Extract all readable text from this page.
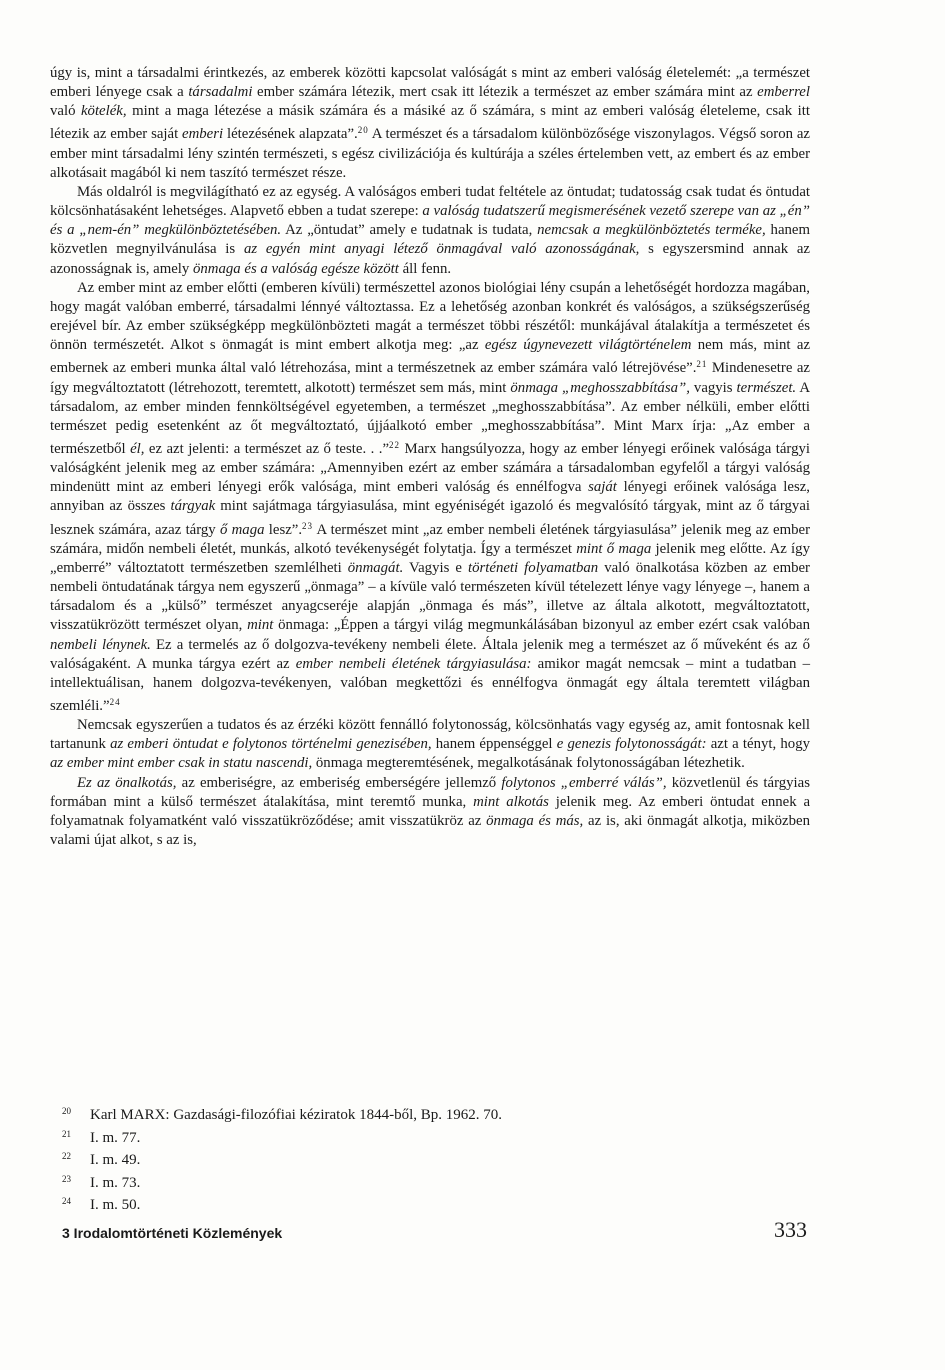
úgy is, mint a társadalmi érintkezés, az emberek közötti kapcsolat valóságát s mint az emberi valóság életelemét: „a természet emberi lényege csak a társadalmi ember számára létezik, mert csak itt létezik a természet az ember számára mint az emberrel való kötelék, mint a maga létezése a másik számára és a másiké az ő számára, s mint az emberi valóság életeleme, csak itt létezik az ember saját emberi létezésének alapzata”.$^{20}$ A természet és a társadalom különbözősége viszonylagos. Végső soron az ember mint társadalmi lény szintén természeti, s egész civilizációja és kultúrája a széles értelemben vett, az embert és az ember alkotásait magából ki nem taszító természet része.

Más oldalról is megvilágítható ez az egység. A valóságos emberi tudat feltétele az öntudat; tudatosság csak tudat és öntudat kölcsönhatásaként lehetséges. Alapvető ebben a tudat szerepe: a valóság tudatszerű megismerésének vezető szerepe van az „én” és a „nem-én” megkülönböztetésében. Az „öntudat” amely e tudatnak is tudata, nemcsak a megkülönböztetés terméke, hanem közvetlen megnyilvánulása is az egyén mint anyagi létező önmagával való azonosságának, s egyszersmind annak az azonosságnak is, amely önmaga és a valóság egésze között áll fenn.

Az ember mint az ember előtti (emberen kívüli) természettel azonos biológiai lény csupán a lehetőségét hordozza magában, hogy magát valóban emberré, társadalmi lénnyé változtassa. Ez a lehetőség azonban konkrét és valóságos, a szükségszerűség erejével bír. Az ember szükségképp megkülönbözteti magát a természet többi részétől: munkájával átalakítja a természetet és önnön természetét. Alkot s önmagát is mint embert alkotja meg: „az egész úgynevezett világtörténelem nem más, mint az embernek az emberi munka által való létrehozása, mint a természetnek az ember számára való létrejövése”.$^{21}$ Mindenesetre az így megváltoztatott (létrehozott, teremtett, alkotott) természet sem más, mint önmaga „meghosszabbítása”, vagyis természet. A társadalom, az ember minden fennköltségével egyetemben, a természet „meghosszabbítása”. Az ember nélküli, ember előtti természet pedig esetenként az őt megváltoztató, újjáalkotó ember „meghosszabbítása”. Mint Marx írja: „Az ember a természetből él, ez azt jelenti: a természet az ő teste. . .”$^{22}$ Marx hangsúlyozza, hogy az ember lényegi erőinek valósága tárgyi valóságként jelenik meg az ember számára: „Amennyiben ezért az ember számára a társadalomban egyfelől a tárgyi valóság mindenütt mint az emberi lényegi erők valósága, mint emberi valóság és ennélfogva saját lényegi erőinek valósága lesz, annyiban az összes tárgyak mint sajátmaga tárgyiasulása, mint egyéniségét igazoló és megvalósító tárgyak, mint az ő tárgyai lesznek számára, azaz tárgy ő maga lesz”.$^{23}$ A természet mint „az ember nembeli életének tárgyiasulása” jelenik meg az ember számára, midőn nembeli életét, munkás, alkotó tevékenységét folytatja. Így a természet mint ő maga jelenik meg előtte. Az így „emberré” változtatott természetben szemlélheti önmagát. Vagyis e történeti folyamatban való önalkotása közben az ember nembeli öntudatának tárgya nem egyszerű „önmaga” – a kívüle való természeten kívül tételezett lénye vagy lényege –, hanem a társadalom és a „külső” természet anyagcseréje alapján „önmaga és más”, illetve az általa alkotott, megváltoztatott, visszatükrözött természet olyan, mint önmaga: „Éppen a tárgyi világ megmunkálásában bizonyul az ember ezért csak valóban nembeli lénynek. Ez a termelés az ő dolgozva-tevékeny nembeli élete. Általa jelenik meg a természet az ő műveként és az ő valóságaként. A munka tárgya ezért az ember nembeli életének tárgyiasulása: amikor magát nemcsak – mint a tudatban – intellektuálisan, hanem dolgozva-tevékenyen, valóban megkettőzi és ennélfogva önmagát egy általa teremtett világban szemléli.”$^{24}$

Nemcsak egyszerűen a tudatos és az érzéki között fennálló folytonosság, kölcsönhatás vagy egység az, amit fontosnak kell tartanunk az emberi öntudat e folytonos történelmi genezisében, hanem éppenséggel e genezis folytonosságát: azt a tényt, hogy az ember mint ember csak in statu nascendi, önmaga megteremtésének, megalkotásának folytonosságában létezhetik.

Ez az önalkotás, az emberiségre, az emberiség emberségére jellemző folytonos „emberré válás”, közvetlenül és tárgyias formában mint a külső természet átalakítása, mint teremtő munka, mint alkotás jelenik meg. Az emberi öntudat ennek a folyamatnak folyamatként való visszatükröződése; amit visszatükröz az önmaga és más, az is, aki önmagát alkotja, miközben valami újat alkot, s az is,

20 Karl MARX: Gazdasági-filozófiai kéziratok 1844-ből, Bp. 1962. 70.
21 I. m. 77.
22 I. m. 49.
23 I. m. 73.
24 I. m. 50.
3 Irodalomtörténeti Közlemények	333
